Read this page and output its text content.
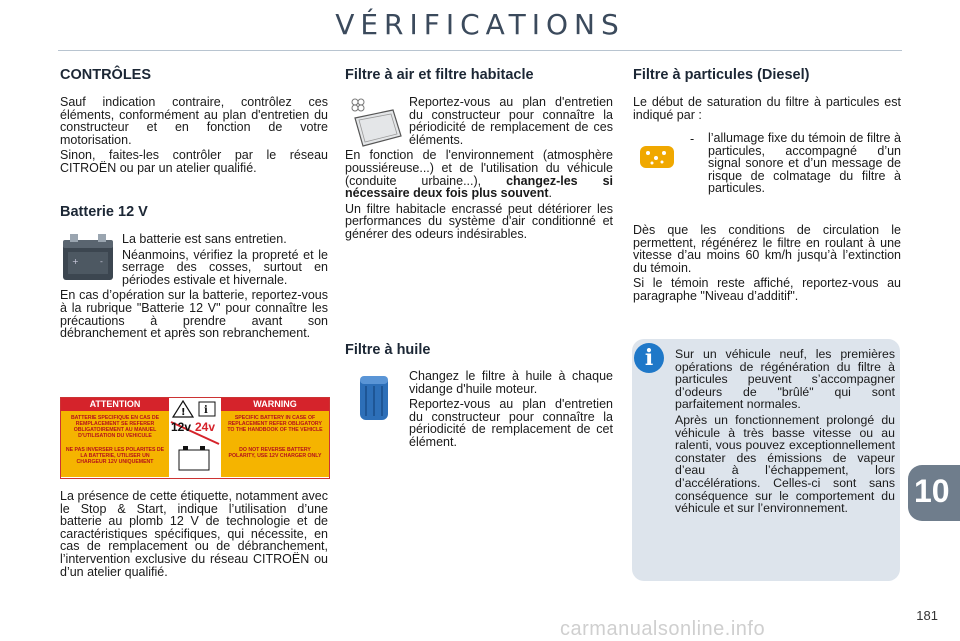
VÉRIFICATIONS
CONTRÔLES

Sauf indication contraire, contrôlez ces éléments, conformément au plan d'entretien du constructeur et en fonction de votre motorisation.

Sinon, faites-les contrôler par le réseau CITROËN ou par un atelier qualifié.

Batterie 12 V
+	-

La batterie est sans entretien.

Néanmoins, vérifiez la propreté et le serrage des cosses, surtout en périodes estivale et hivernale.

En cas d’opération sur la batterie, reportez-vous à la rubrique "Batterie 12 V" pour connaître les précautions à prendre avant son débranchement et après son rebranchement.

ATTENTION	WARNING
BATTERIE SPECIFIQUE EN CAS DE REMPLACEMENT SE REFERER OBLIGATOIREMENT AU MANUEL D'UTILISATION DU VEHICULE
NE PAS INVERSER LES POLARITES DE LA BATTERIE, UTILISER UN CHARGEUR 12V UNIQUEMENT
SPECIFIC BATTERY IN CASE OF REPLACEMENT REFER OBLIGATORY TO THE HANDBOOK OF THE VEHICLE
DO NOT REVERSE BATTERY POLARITY, USE 12V CHARGER ONLY
! i
12v 24v
La présence de cette étiquette, notamment avec le Stop & Start, indique l’utilisation d’une batterie au plomb 12 V de technologie et de caractéristiques spécifiques, qui nécessite, en cas de remplacement ou de débranchement, l’intervention exclusive du réseau CITROËN ou d’un atelier qualifié.
Filtre à air et filtre habitacle

Reportez-vous au plan d'entretien du constructeur pour connaître la périodicité de remplacement de ces éléments.

En fonction de l'environnement (atmosphère poussiéreuse...) et de l'utilisation du véhicule (conduite urbaine...), changez-les si nécessaire deux fois plus souvent.

Un filtre habitacle encrassé peut détériorer les performances du système d'air conditionné et générer des odeurs indésirables.

Filtre à huile

Changez le filtre à huile à chaque vidange d'huile moteur.

Reportez-vous au plan d'entretien du constructeur pour connaître la périodicité de remplacement de cet élément.

Filtre à particules (Diesel)
Le début de saturation du filtre à particules est indiqué par :
- l’allumage fixe du témoin de filtre à particules, accompagné d’un signal sonore et d’un message de risque de colmatage du filtre à particules.

Dès que les conditions de circulation le permettent, régénérez le filtre en roulant à une vitesse d’au moins 60 km/h jusqu’à l’extinction du témoin.

Si le témoin reste affiché, reportez-vous au paragraphe "Niveau d’additif".

i	Sur un véhicule neuf, les premières opérations de régénération du filtre à particules peuvent s’accompagner d’odeurs de "brûlé" qui sont parfaitement normales.

Après un fonctionnement prolongé du véhicule à très basse vitesse ou au ralenti, vous pouvez exceptionnellement constater des émissions de vapeur d’eau à l’échappement, lors d’accélérations. Celles-ci sont sans conséquence sur le comportement du véhicule et sur l’environnement.	10
181
carmanualsonline.info
